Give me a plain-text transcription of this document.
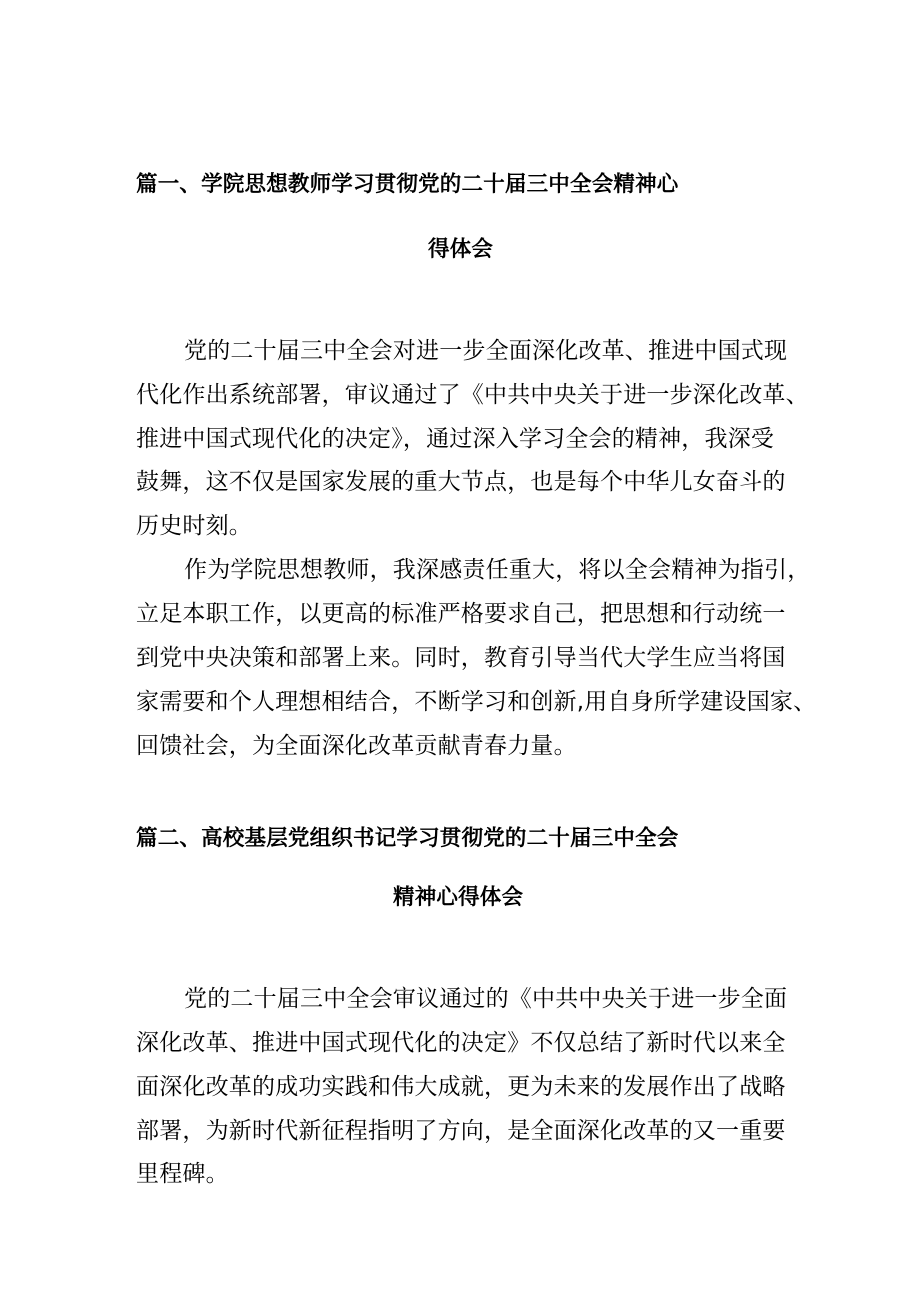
篇一、学院思想教师学习贯彻党的二十届三中全会精神心
得体会
党的二十届三中全会对进一步全面深化改革、推进中国式现
代化作出系统部署，审议通过了《中共中央关于进一步深化改革、
推进中国式现代化的决定》，通过深入学习全会的精神，我深受
鼓舞，这不仅是国家发展的重大节点，也是每个中华儿女奋斗的
历史时刻。
作为学院思想教师，我深感责任重大，将以全会精神为指引，
立足本职工作，以更高的标准严格要求自己，把思想和行动统一
到党中央决策和部署上来。同时，教育引导当代大学生应当将国
家需要和个人理想相结合，不断学习和创新,用自身所学建设国家、
回馈社会，为全面深化改革贡献青春力量。
篇二、高校基层党组织书记学习贯彻党的二十届三中全会
精神心得体会
党的二十届三中全会审议通过的《中共中央关于进一步全面
深化改革、推进中国式现代化的决定》不仅总结了新时代以来全
面深化改革的成功实践和伟大成就，更为未来的发展作出了战略
部署，为新时代新征程指明了方向，是全面深化改革的又一重要
里程碑。
